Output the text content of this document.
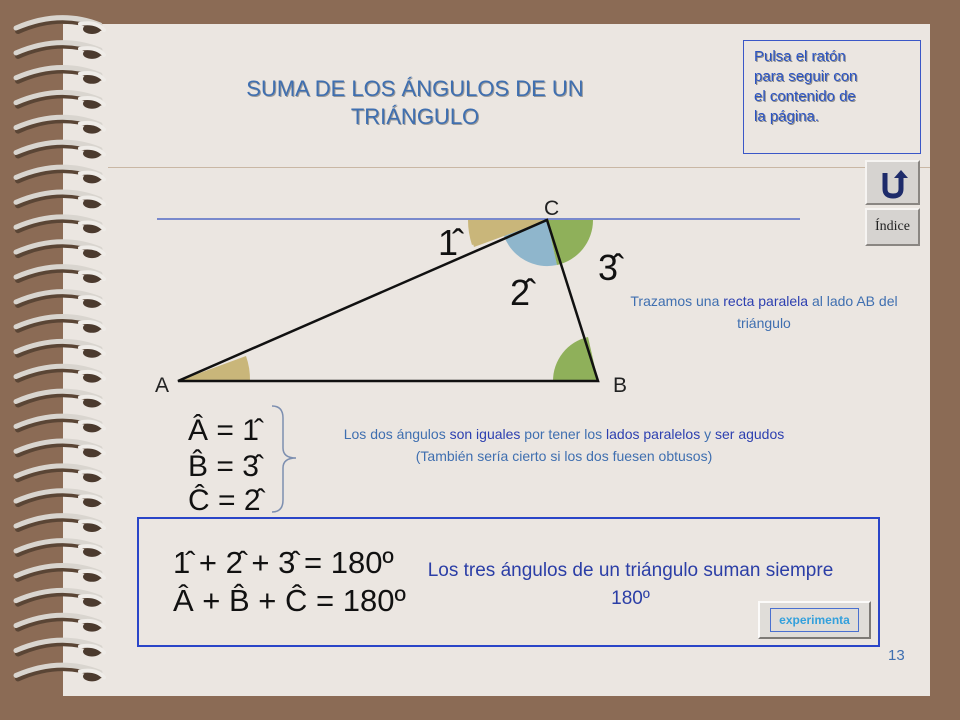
SUMA DE LOS ÁNGULOS DE UN TRIÁNGULO
Pulsa el ratón
para seguir con
el contenido de
la página.
Índice
A	B
C
1̂
2̂
3̂
Â = 1̂
B̂ = 3̂
Ĉ = 2̂
1̂ + 2̂ + 3̂ = 180º
Â + B̂ + Ĉ = 180º
Trazamos una recta paralela al lado AB del triángulo
Los dos ángulos son iguales por tener los lados paralelos y ser agudos (También sería cierto si los dos fuesen obtusos)
Los tres ángulos de un triángulo suman siempre 180º
experimenta
13
